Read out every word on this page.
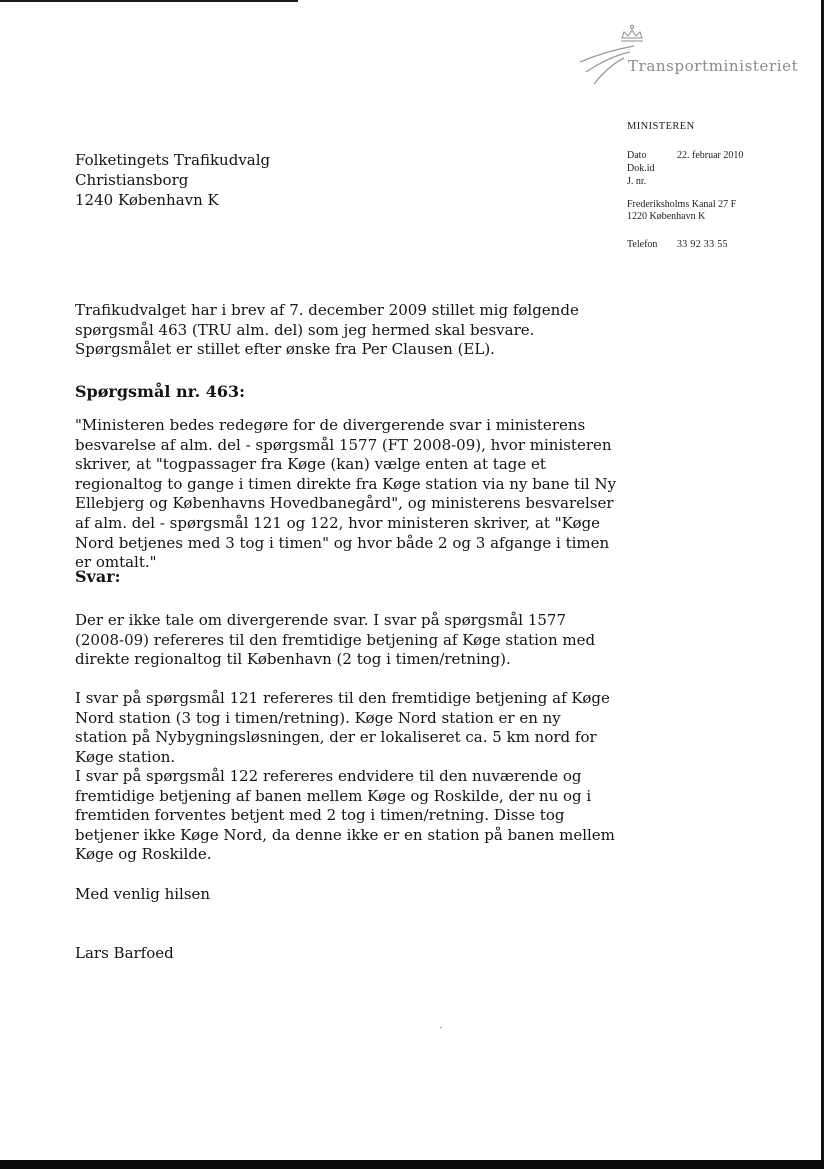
Transportministeriet
MINISTEREN
Dato	22. februar 2010
Dok.id
J. nr.
Frederiksholms Kanal 27 F
1220 København K
Telefon 33 92 33 55
Folketingets Trafikudvalg
Christiansborg
1240 København K

Trafikudvalget har i brev af 7. december 2009 stillet mig følgende spørgsmål 463 (TRU alm. del) som jeg hermed skal besvare. Spørgsmålet er stillet efter ønske fra Per Clausen (EL).

Spørgsmål nr. 463:

"Ministeren bedes redegøre for de divergerende svar i ministerens besvarelse af alm. del - spørgsmål 1577 (FT 2008-09), hvor ministeren skriver, at "togpassager fra Køge (kan) vælge enten at tage et regionaltog to gange i timen direkte fra Køge station via ny bane til Ny Ellebjerg og Københavns Hovedbanegård", og ministerens besvarelser af alm. del - spørgsmål 121 og 122, hvor ministeren skriver, at "Køge Nord betjenes med 3 tog i timen" og hvor både 2 og 3 afgange i timen er omtalt."

Svar:

Der er ikke tale om divergerende svar. I svar på spørgsmål 1577 (2008-09) refereres til den fremtidige betjening af Køge station med direkte regionaltog til København (2 tog i timen/retning).

I svar på spørgsmål 121 refereres til den fremtidige betjening af Køge Nord station (3 tog i timen/retning). Køge Nord station er en ny station på Nybygningsløsningen, der er lokaliseret ca. 5 km nord for Køge station.

I svar på spørgsmål 122 refereres endvidere til den nuværende og fremtidige betjening af banen mellem Køge og Roskilde, der nu og i fremtiden forventes betjent med 2 tog i timen/retning. Disse tog betjener ikke Køge Nord, da denne ikke er en station på banen mellem Køge og Roskilde.

Med venlig hilsen

Lars Barfoed
